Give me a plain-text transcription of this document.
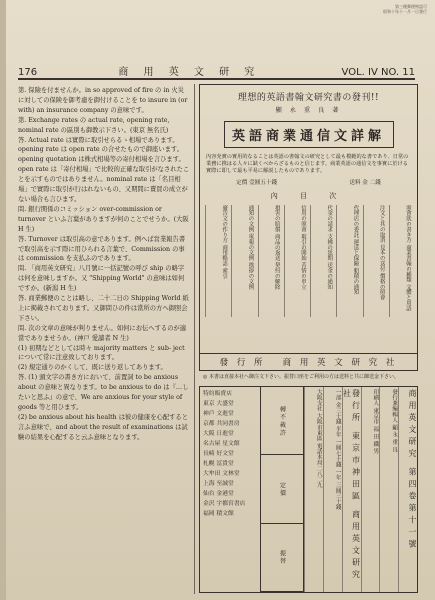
第三種郵便物認可
昭和十年十一月一日發行
176	商 用 英 文 研 究	VOL. IV NO. 11

第. 保險を付ませんか。in so approved of fire の in 火災に対しての保険を御考慮を御付けることを to insure in (or with) an insurance company の意味です。

第. Exchange rates の actual rate, opening rate, nominal rate の區別も御教示下さい。(東京 無名氏)

答. Actual rate は實際に取引せらるゝ相場であります。opening rate は open rate の合せたもので御座います。opening quotation は株式相場等の寄付相場を言ひます。open rate は「寄付相場」で比較的正確な取引がなされたことを示すものではありません。nominal rate は「名目相場」で實際に取引が行はれないもの、又期間に賣買の成立がない場合も言ひます。

問. 銀行関係のコミッション over-commission or turnover といふ言葉がありますが何のことでせうか。(大阪 H 生)

答. Turnover は取引高の意であります。例へば営業報告書で取引高を示す際に用ひられる言葉で、Commission の事は commission を支払ふのであります。

問. 「商用英文研究」八月號に一括記號の呼び ship の略字は何を意味しますか。又 "Shipping World" の意味は如何ですか。(新潟 H 生)

答. 商業郵便のことは略し、二十二日の Shipping World 紙上に掲載されております。又御問ひの件は當所の方へ御照会下さい。

問. 次の文章の意味が判りません。如何にお伝へするのが適當でありませうか。(神戸 愛讀者 N 生)

(1) 初期などとしては時々 majority matters と sub- ject について常に注意致しております。

(2) 規定通りのかくして、既に送り返してあります。

答. (1) 頭文字の書き方において、前置詞 to be anxious about の意味と異なります。to be anxious to do は『…したいと思ふ』の意で、We are anxious for your style of goods 等と用ひます。

(2) be anxious about his health は彼の健康を心配すると言ふ意味で、and about the result of examinations は試験の結果を心配すると云ふ意味となります。

理想的英語書翰文研究書の發刊!!
顯 永 重 良 著
英語商業通信文詳解
內容充實の實用的なることは英語の書翰文の研究として最も模範的な書であり、日常の業務に携はる人々に缺くべからざるものと信じます。商業英語の通信文を事實に於ける實際に即して最も平易に解説したものであります。
定價 壹圓五十錢	送料 金 二錢
內 目 次
照會狀の書き方 商業書翰の種類 文體と用語
注文と其の取消 見本の送付 價格の照會
代理店の委託 運送と保險 船積の通知
代金の請求 支拂の延期 送金の通知
信用の照會 取引の開始 苦情の申立
損害の賠償 商品の返送 契約の解除
通知の文例 電報の文例 挨拶の文例
廣告文の作り方 商用略語 索引
發 行 所 商 用 英 文 研 究 社
◎ 本書は直接本社へ御注文下さい。振替口座をご利用の方は送料と共に御送金下さい。
特約販賣店
東京 大盛堂
神戶 文進堂
京都 共同書房
大阪 日進堂
名古屋 星文館
長崎 好文堂
札幌 冨貴堂
大牟田 文林堂
上海 至誠堂
仙台 金港堂
金沢 宇都宮書店
福岡 積文館
轉 不 載 許
定 價
振 替
商用英文研究 第四卷第十一號
發行兼編輯人 顯 永 重 良
印刷人 東京市 福 田 鐵 男
發行所 東京市神田區 商用英文研究社
一部 金三十錢 半年 一圓七十錢 一年 三圓三十錢
大阪支社 大阪市東區 電話本局二八二九
